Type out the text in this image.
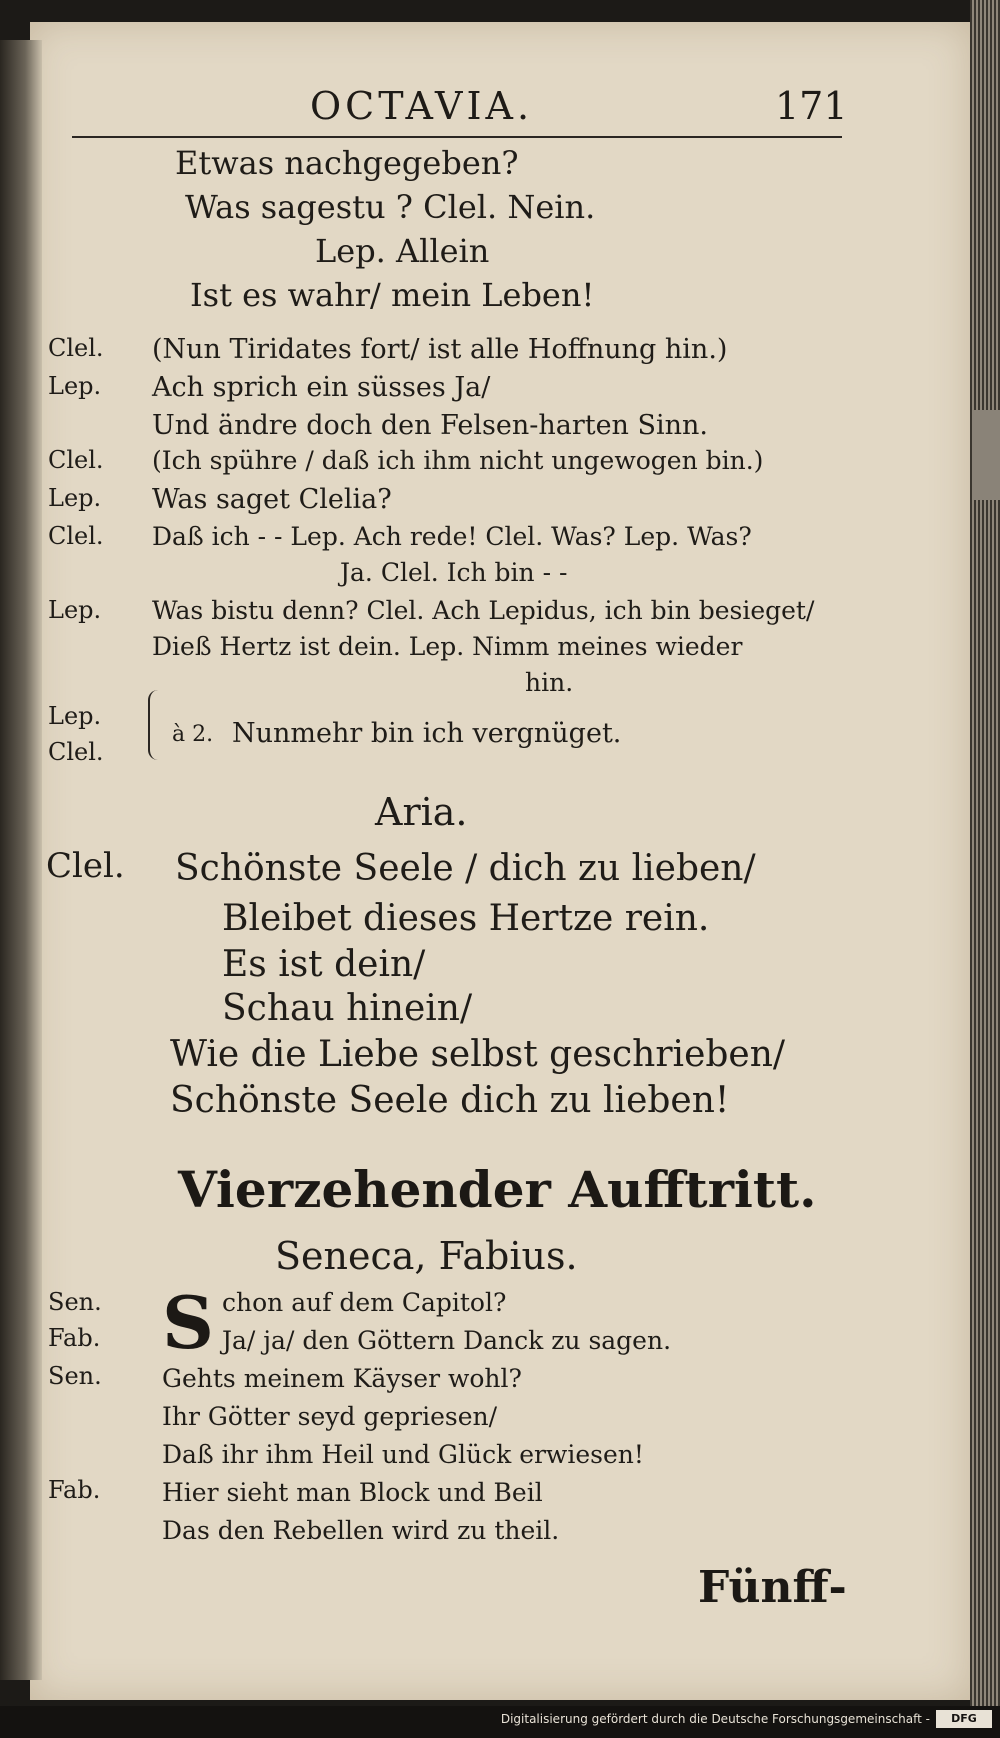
OCTAVIA.	171
Etwas nachgegeben?
Was sagestu ? Clel. Nein.
Lep. Allein
Ist es wahr/ mein Leben!
Clel. (Nun Tiridates fort/ ist alle Hoffnung hin.)
Lep. Ach sprich ein süsses Ja/
Und ändre doch den Felsen-harten Sinn.
Clel. (Ich spühre / daß ich ihm nicht ungewogen bin.)
Lep. Was saget Clelia?
Clel. Daß ich - - Lep. Ach rede! Clel. Was? Lep. Was?
Ja. Clel. Ich bin - -
Lep. Was bistu denn? Clel. Ach Lepidus, ich bin besieget/
Dieß Hertz ist dein. Lep. Nimm meines wieder
hin.
Lep.
Clel.
à 2. Nunmehr bin ich vergnüget.
Aria.
Clel. Schönste Seele / dich zu lieben/
Bleibet dieses Hertze rein.
Es ist dein/
Schau hinein/
Wie die Liebe selbst geschrieben/
Schönste Seele dich zu lieben!
Vierzehender Aufftritt.
Seneca, Fabius.
S
Sen.	chon auf dem Capitol?
Fab.	Ja/ ja/ den Göttern Danck zu sagen.
Sen. Gehts meinem Käyser wohl?
Ihr Götter seyd gepriesen/
Daß ihr ihm Heil und Glück erwiesen!
Fab. Hier sieht man Block und Beil
Das den Rebellen wird zu theil.
Fünff-
Digitalisierung gefördert durch die Deutsche Forschungsgemeinschaft -	DFG
